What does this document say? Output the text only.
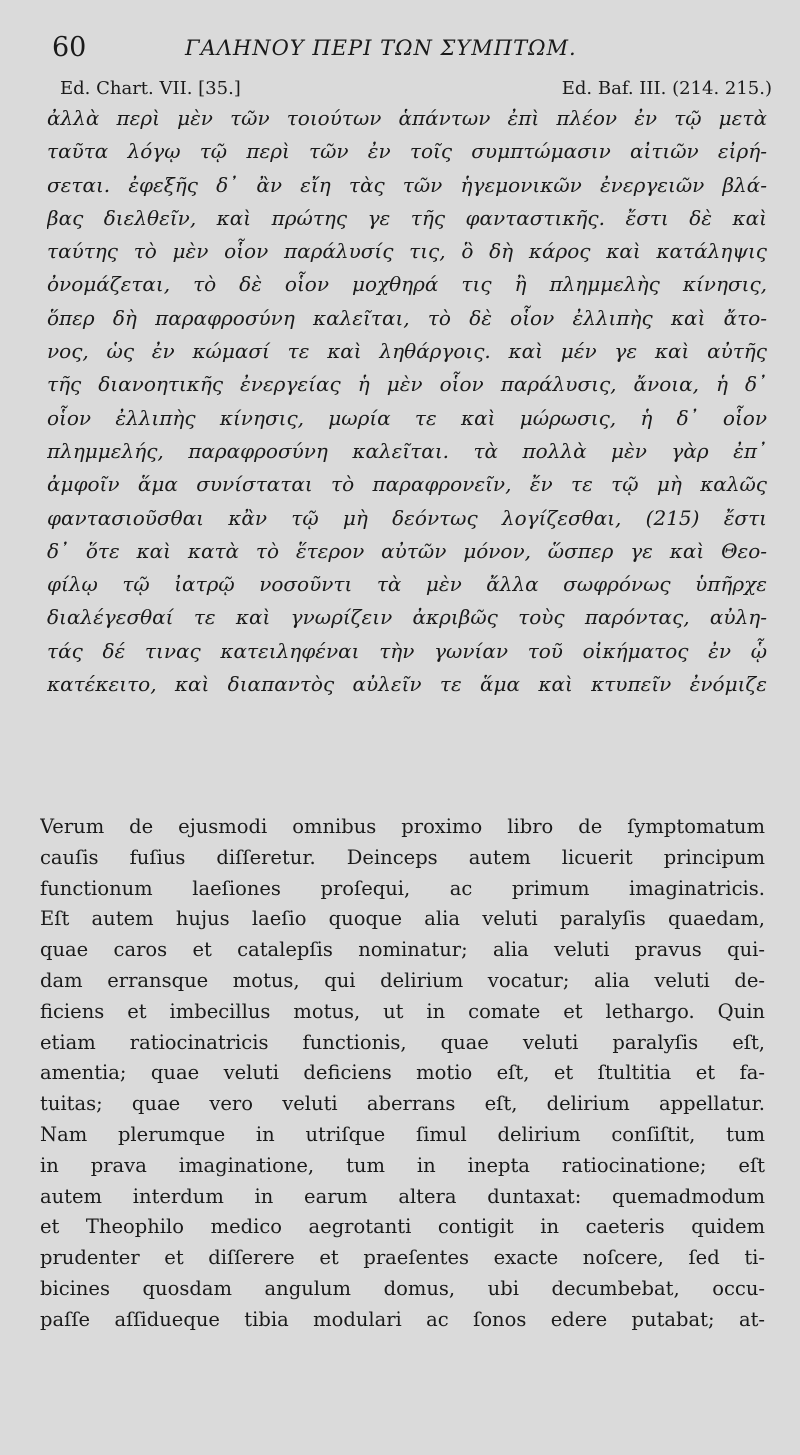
60	ΓΑΛΗΝΟΥ ΠΕΡΙ ΤΩΝ ΣΥΜΠΤΩΜ.
Ed. Chart. VII. [35.]	Ed. Baf. III. (214. 215.)
ἀλλὰ περὶ μὲν τῶν τοιούτων ἁπάντων ἐπὶ πλέον ἐν τῷ μετὰ
ταῦτα λόγῳ τῷ περὶ τῶν ἐν τοῖς συμπτώμασιν αἰτιῶν εἰρή-
σεται. ἐφεξῆς δ᾽ ἂν εἴη τὰς τῶν ἡγεμονικῶν ἐνεργειῶν βλά-
βας διελθεῖν, καὶ πρώτης γε τῆς φανταστικῆς. ἔστι δὲ καὶ
ταύτης τὸ μὲν οἷον παράλυσίς τις, ὃ δὴ κάρος καὶ κατάληψις
ὀνομάζεται, τὸ δὲ οἷον μοχθηρά τις ἢ πλημμελὴς κίνησις,
ὅπερ δὴ παραφροσύνη καλεῖται, τὸ δὲ οἷον ἐλλιπὴς καὶ ἄτο-
νος, ὡς ἐν κώμασί τε καὶ ληθάργοις. καὶ μέν γε καὶ αὐτῆς
τῆς διανοητικῆς ἐνεργείας ἡ μὲν οἷον παράλυσις, ἄνοια, ἡ δ᾽
οἷον ἐλλιπὴς κίνησις, μωρία τε καὶ μώρωσις, ἡ δ᾽ οἷον
πλημμελής, παραφροσύνη καλεῖται. τὰ πολλὰ μὲν γὰρ ἐπ᾽
ἀμφοῖν ἅμα συνίσταται τὸ παραφρονεῖν, ἔν τε τῷ μὴ καλῶς
φαντασιοῦσθαι κἂν τῷ μὴ δεόντως λογίζεσθαι, (215) ἔστι
δ᾽ ὅτε καὶ κατὰ τὸ ἕτερον αὐτῶν μόνον, ὥσπερ γε καὶ Θεο-
φίλῳ τῷ ἰατρῷ νοσοῦντι τὰ μὲν ἄλλα σωφρόνως ὑπῆρχε
διαλέγεσθαί τε καὶ γνωρίζειν ἀκριβῶς τοὺς παρόντας, αὐλη-
τάς δέ τινας κατειληφέναι τὴν γωνίαν τοῦ οἰκήματος ἐν ᾧ
κατέκειτο, καὶ διαπαντὸς αὐλεῖν τε ἅμα καὶ κτυπεῖν ἐνόμιζε
Verum de ejusmodi omnibus proximo libro de ſymptomatum
cauſis fuſius diſſeretur. Deinceps autem licuerit principum
functionum laeſiones proſequi, ac primum imaginatricis.
Eſt autem hujus laeſio quoque alia veluti paralyſis quaedam,
quae caros et catalepſis nominatur; alia veluti pravus qui-
dam erransque motus, qui delirium vocatur; alia veluti de-
ficiens et imbecillus motus, ut in comate et lethargo. Quin
etiam ratiocinatricis functionis, quae veluti paralyſis eſt,
amentia; quae veluti deficiens motio eſt, et ſtultitia et fa-
tuitas; quae vero veluti aberrans eſt, delirium appellatur.
Nam plerumque in utriſque ſimul delirium conſiſtit, tum
in prava imaginatione, tum in inepta ratiocinatione; eſt
autem interdum in earum altera duntaxat: quemadmodum
et Theophilo medico aegrotanti contigit in caeteris quidem
prudenter et diſſerere et praeſentes exacte noſcere, ſed ti-
bicines quosdam angulum domus, ubi decumbebat, occu-
paſſe aſſidueque tibia modulari ac ſonos edere putabat; at-
